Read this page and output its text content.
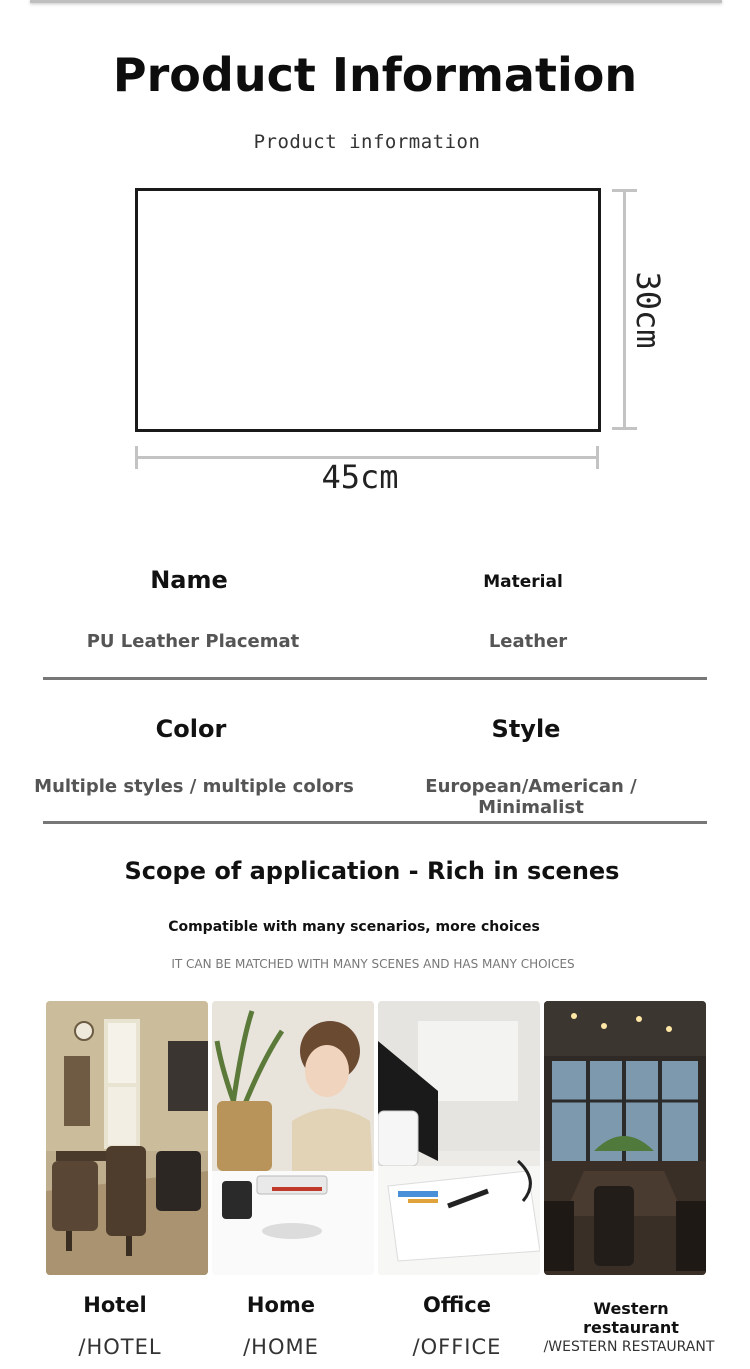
Product Information
Product information
30cm
45cm
Name
PU Leather Placemat
Material
Leather
Color
Multiple styles / multiple colors
Style
European/American / Minimalist
Scope of application - Rich in scenes
Compatible with many scenarios, more choices
IT CAN BE MATCHED WITH MANY SCENES AND HAS MANY CHOICES
Hotel
/HOTEL
Home
/HOME
Office
/OFFICE
Western restaurant
/WESTERN RESTAURANT
